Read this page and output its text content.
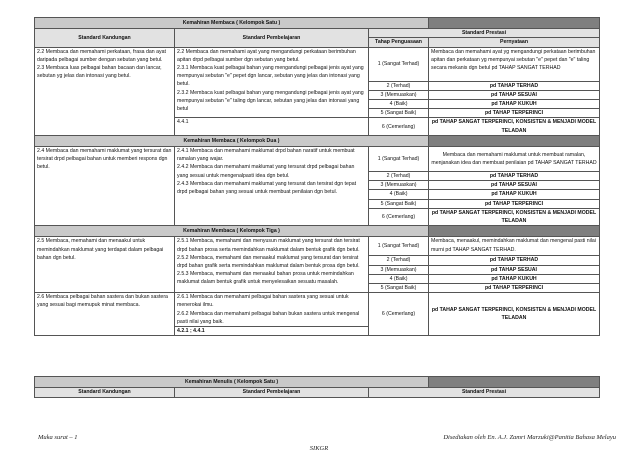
Kemahiran Membaca ( Kelompok Satu )			
Standard Kandungan	Standard Pembelajaran	Standard Prestasi	
		Tahap Penguasaan	Pernyataan

2.2 Membaca dan memahami perkataan, frasa dan ayat daripada pelbagai sumber dengan sebutan yang betul.
2.3 Membaca luas pelbagai bahan bacaan dan lancar, sebutan yg jelas dan intonasi yang betul.	2.2 Membaca dan memahami ayat yang mengandungi perkataan berimbuhan apitan drpd pelbagai sumber dgn sebutan yang betul.
2.3.1 Membaca kuat pelbagai bahan yang mengandungi pelbagai jenis ayat yang mempunyai sebutan "e" pepet dgn lancar, sebutan yang jelas dan intonasi yang betul.
2.3.2 Membaca kuat pelbagai bahan yang mengandungi pelbagai jenis ayat yang mempunyai sebutan "e" taling dgn lancar, sebutan yang jelas dan intonasi yang betul	1 (Sangat Terhad)	Membaca dan memahami ayat yg mengandungi perkataan berimbuhan apitan dan perkataan yg mempunyai sebutan "e" pepet dan "e" taling secara mekanis dgn betul pd TAHAP SANGAT TERHAD
		2 (Terhad)	pd TAHAP TERHAD
		3 (Memuaskan)	pd TAHAP SESUAI
		4 (Baik)	pd TAHAP KUKUH
		5 (Sangat Baik)	pd TAHAP TERPERINCI
	4.4.1	6 (Cemerlang)	pd TAHAP SANGAT TERPERINCI, KONSISTEN & MENJADI MODEL TELADAN
Kemahiran Membaca ( Kelompok Dua )			
2.4 Membaca dan memahami maklumat yang tersurat dan tersirat drpd pelbagai bahan untuk memberi respons dgn betul.	2.4.1 Membaca dan memahami maklumat drpd bahan naratif untuk membuat ramalan yang wajar.
2.4.2 Membaca dan memahami maklumat yang tersurat drpd pelbagai bahan yang sesuai untuk mengenalpasti idea dgn betul.
2.4.3 Membaca dan memahami maklumat yang tersurat dan tersirat dgn tepat drpd pelbagai bahan yang sesuai untuk membuat penilaian dgn betul.	1 (Sangat Terhad)	Membaca dan memahami maklumat untuk membuat ramalan, menjanakan idea dan membuat penilaian pd TAHAP SANGAT TERHAD
		2 (Terhad)	pd TAHAP TERHAD
		3 (Memuaskan)	pd TAHAP SESUAI
		4 (Baik)	pd TAHAP KUKUH
		5 (Sangat Baik)	pd TAHAP TERPERINCI
		6 (Cemerlang)	pd TAHAP SANGAT TERPERINCI, KONSISTEN & MENJADI MODEL TELADAN
Kemahiran Membaca ( Kelompok Tiga )			
2.5 Membaca, memahami dan menaakul untuk memindahkan maklumat yang terdapat dalam pelbagai bahan dgn betul.	2.5.1 Membaca, memahami dan menyusun maklumat yang tersurat dan tersirat drpd bahan prosa serta memindahkan maklumat dalam bentuk grafik dgn betul.
2.5.2 Membaca, memahami dan menaakul maklumat yang tersurat dan tersirat drpd bahan grafik serta memindahkan maklumat dalam bentuk prosa dgn betul.
2.5.3 Membaca, memahami dan menaakul bahan prosa untuk memindahkan maklumat dalam bentuk grafik untuk menyelesaikan sesuatu masalah.	1 (Sangat Terhad)	Membaca, menaakul, memindahkan maklumat dan mengenal pasti nilai murni pd TAHAP SANGAT TERHAD.
		2 (Terhad)	pd TAHAP TERHAD
		3 (Memuaskan)	pd TAHAP SESUAI
		4 (Baik)	pd TAHAP KUKUH
		5 (Sangat Baik)	pd TAHAP TERPERINCI
2.6 Membaca pelbagai bahan sastera dan bukan sastera yang sesuai bagi memupuk minat membaca.	2.6.1 Membaca dan memahami pelbagai bahan sastera yang sesuai untuk menerokai ilmu.
2.6.2 Membaca dan memahami pelbagai bahan bukan sastera untuk mengenal pasti nilai yang baik.	6 (Cemerlang)	pd TAHAP SANGAT TERPERINCI, KONSISTEN & MENJADI MODEL TELADAN
	4.2.1 ; 4.4.1		

Kemahiran Menulis ( Kelompok Satu )			
Standard Kandungan	Standard Pembelajaran	Standard Prestasi	
Muka surat – 1	Disediakan oleh En. A.J. Zamri Marzuki@Panitia Bahasa Melayu
SIKGR
